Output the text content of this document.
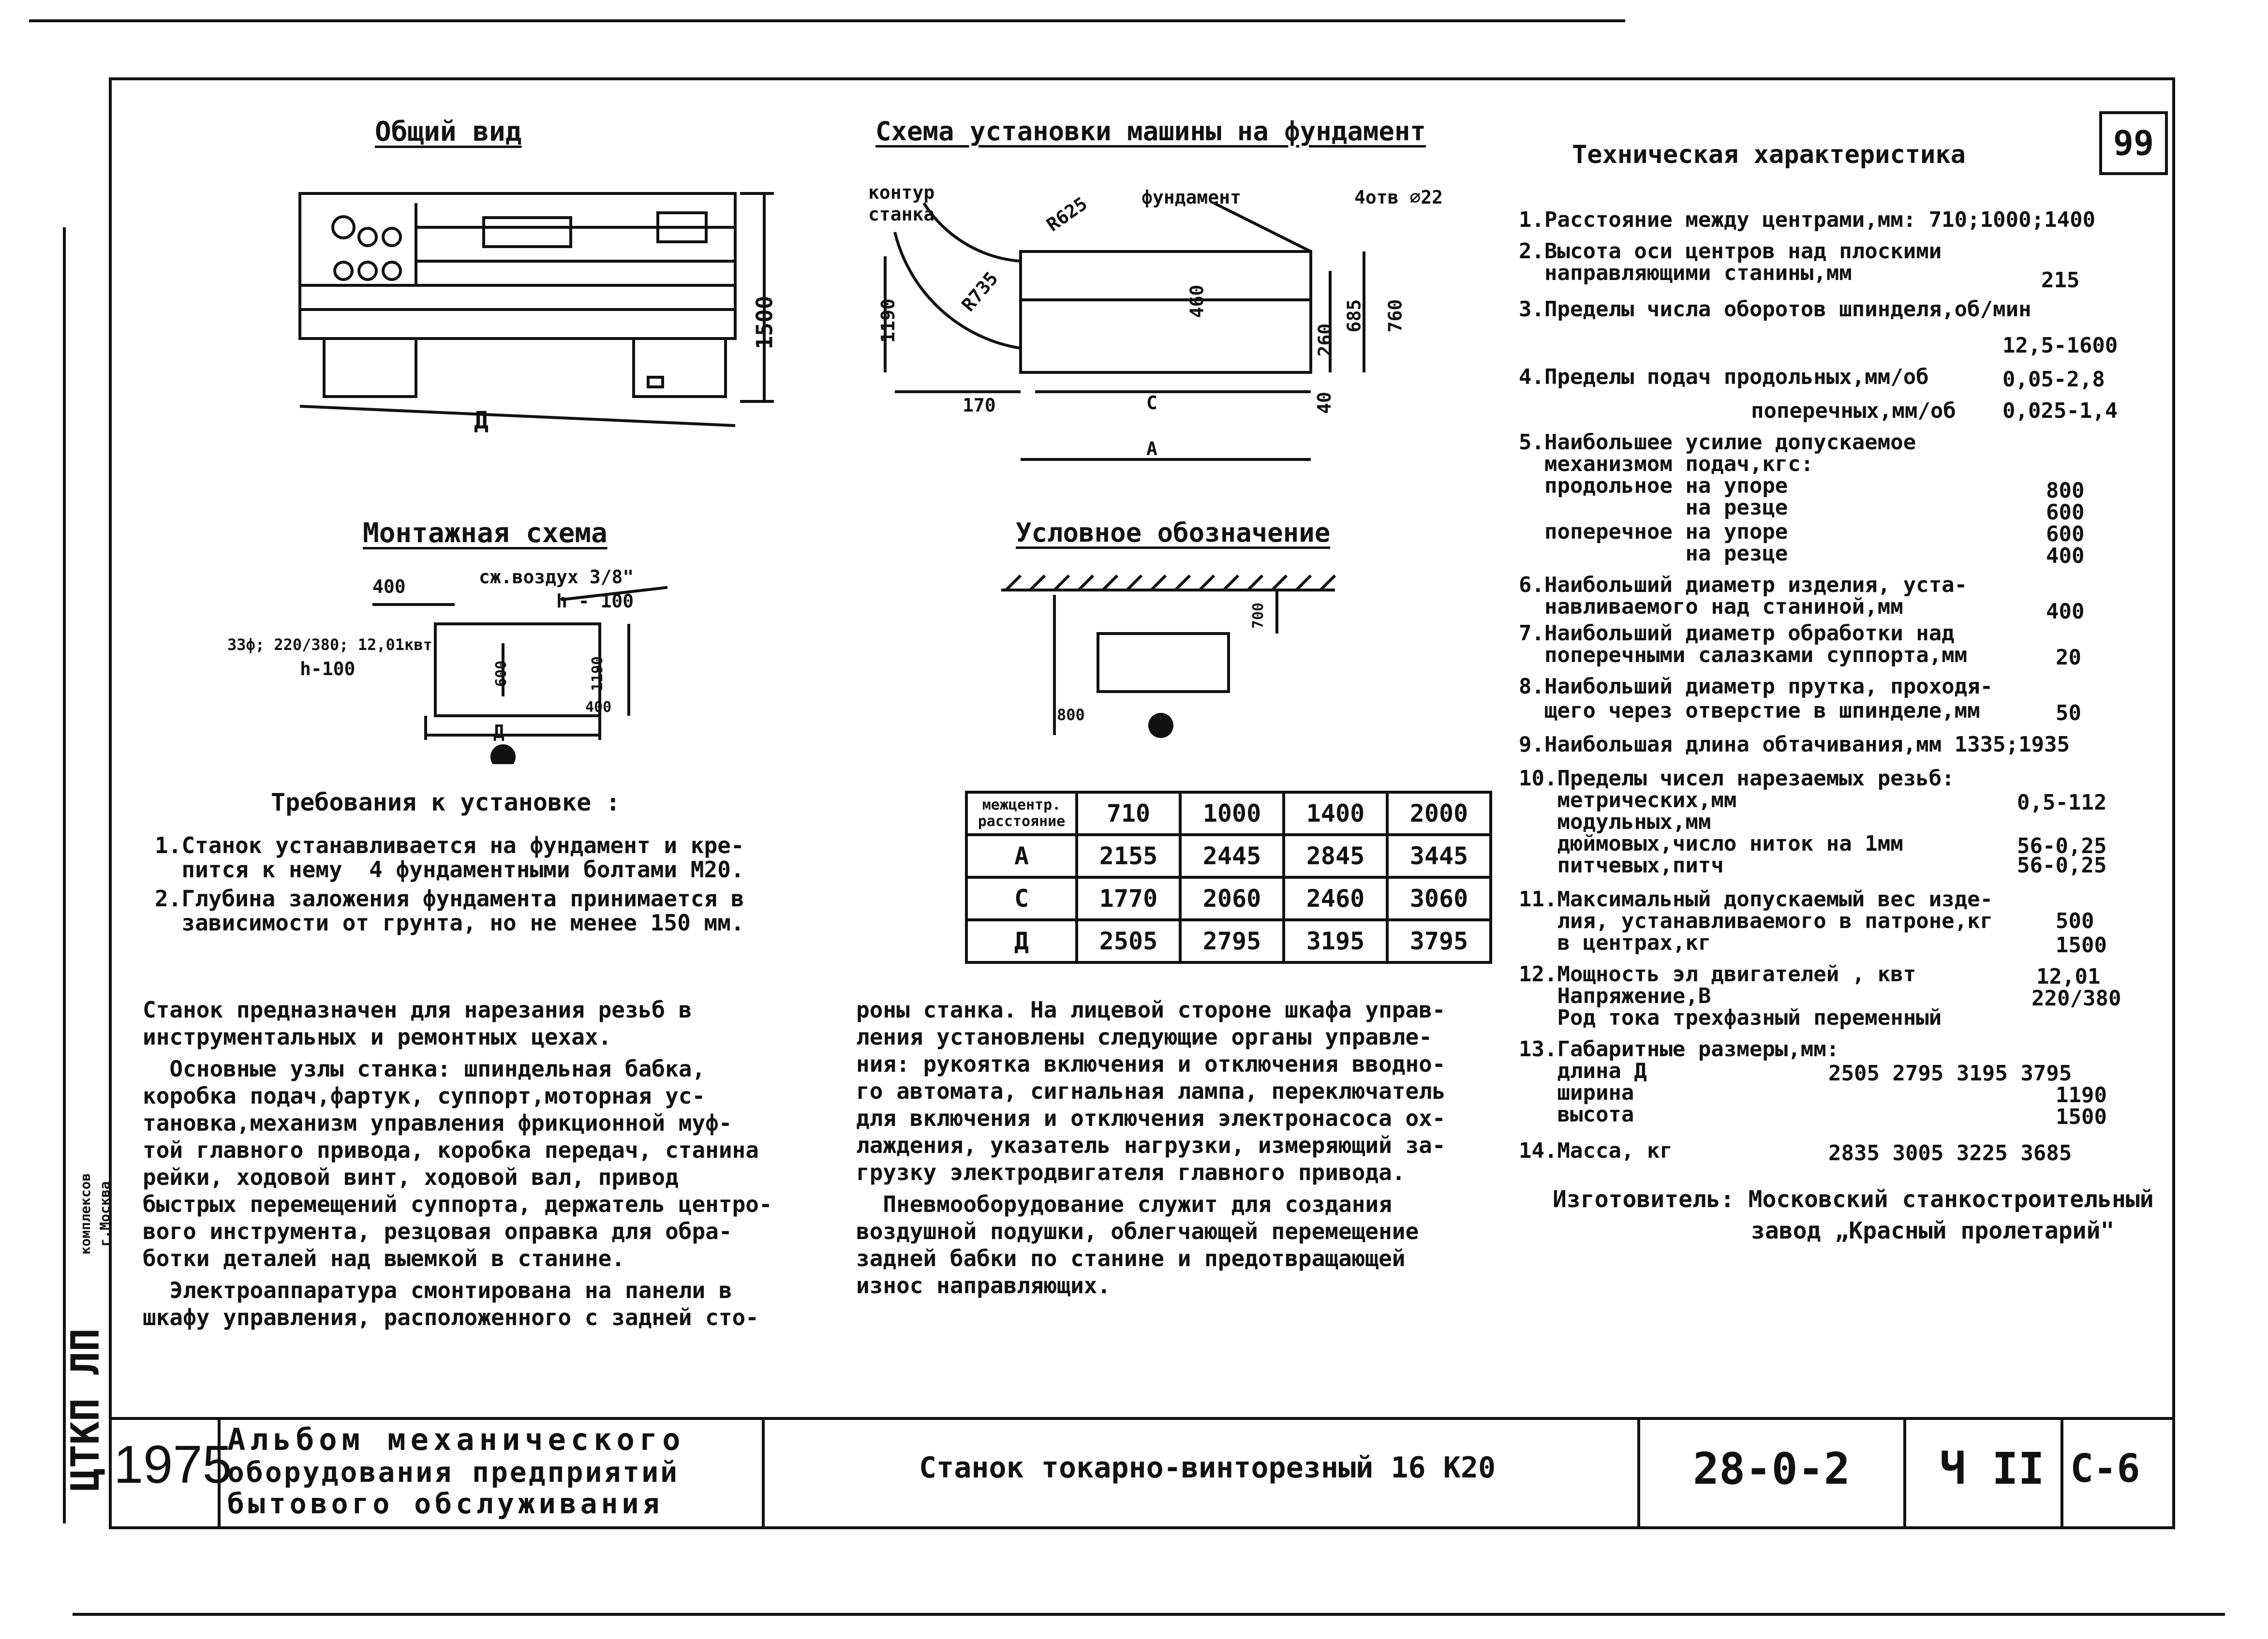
ЦТКП ЛП
комплексов г.Москва
99
Общий вид
1500
Д
Схема установки машины на фундамент
контур
станка
фундамент	4отв ∅22
R625
R735
1190	460
260
685 760
40
170	С
А
Монтажная схема
400	сж.воздух 3/8"
h - 100
3Зф; 220/380; 12,01квт
h-100	600	1190
400
Д
Условное обозначение
700
800
Требования к установке :
1.Станок устанавливается на фундамент и кре-
пится к нему  4 фундаментными болтами М20.
2.Глубина заложения фундамента принимается в
зависимости от грунта, но не менее 150 мм.
межцентр. расстояние	710	1000	1400	2000
А	2155	2445	2845	3445
С	1770	2060	2460	3060
Д	2505	2795	3195	3795
Станок предназначен для нарезания резьб в
инструментальных и ремонтных цехах.
Основные узлы станка: шпиндельная бабка,
коробка подач,фартук, суппорт,моторная ус-
тановка,механизм управления фрикционной муф-
той главного привода, коробка передач, станина
рейки, ходовой винт, ходовой вал, привод
быстрых перемещений суппорта, держатель центро-
вого инструмента, резцовая оправка для обра-
ботки деталей над выемкой в станине.
Электроаппаратура смонтирована на панели в
шкафу управления, расположенного с задней сто-
роны станка. На лицевой стороне шкафа управ-
ления установлены следующие органы управле-
ния: рукоятка включения и отключения вводно-
го автомата, сигнальная лампа, переключатель
для включения и отключения электронасоса ох-
лаждения, указатель нагрузки, измеряющий за-
грузку электродвигателя главного привода.
Пневмооборудование служит для создания
воздушной подушки, облегчающей перемещение
задней бабки по станине и предотвращающей
износ направляющих.
Техническая характеристика
1.Расстояние между центрами,мм: 710;1000;1400
2.Высота оси центров над плоскими
направляющими станины,мм	215
3.Пределы числа оборотов шпинделя,об/мин
12,5-1600
4.Пределы подач продольных,мм/об	0,05-2,8
поперечных,мм/об 0,025-1,4
5.Наибольшее усилие допускаемое
механизмом подач,кгс:
продольное на упоре	800
на резце	600
поперечное на упоре	600
на резце	400
6.Наибольший диаметр изделия, уста-
навливаемого над станиной,мм	400
7.Наибольший диаметр обработки над
поперечными салазками суппорта,мм	20
8.Наибольший диаметр прутка, проходя-
щего через отверстие в шпинделе,мм	50
9.Наибольшая длина обтачивания,мм 1335;1935
10.Пределы чисел нарезаемых резьб:
метрических,мм	0,5-112
модульных,мм
дюймовых,число ниток на 1мм	56-0,25
питчевых,питч	56-0,25
11.Максимальный допускаемый вес изде-
лия, устанавливаемого в патроне,кг	500
в центрах,кг	1500
12.Мощность эл двигателей , квт	12,01
Напряжение,В	220/380
Род тока трехфазный переменный
13.Габаритные размеры,мм:
длина Д	2505 2795 3195 3795
ширина	1190
высота	1500
14.Масса, кг	2835 3005 3225 3685
Изготовитель: Московский станкостроительный
завод „Красный пролетарий"
1975
Альбом механического
оборудования предприятий
бытового обслуживания
Станок токарно-винторезный 16 К20	28-0-2 Ч II С-6
